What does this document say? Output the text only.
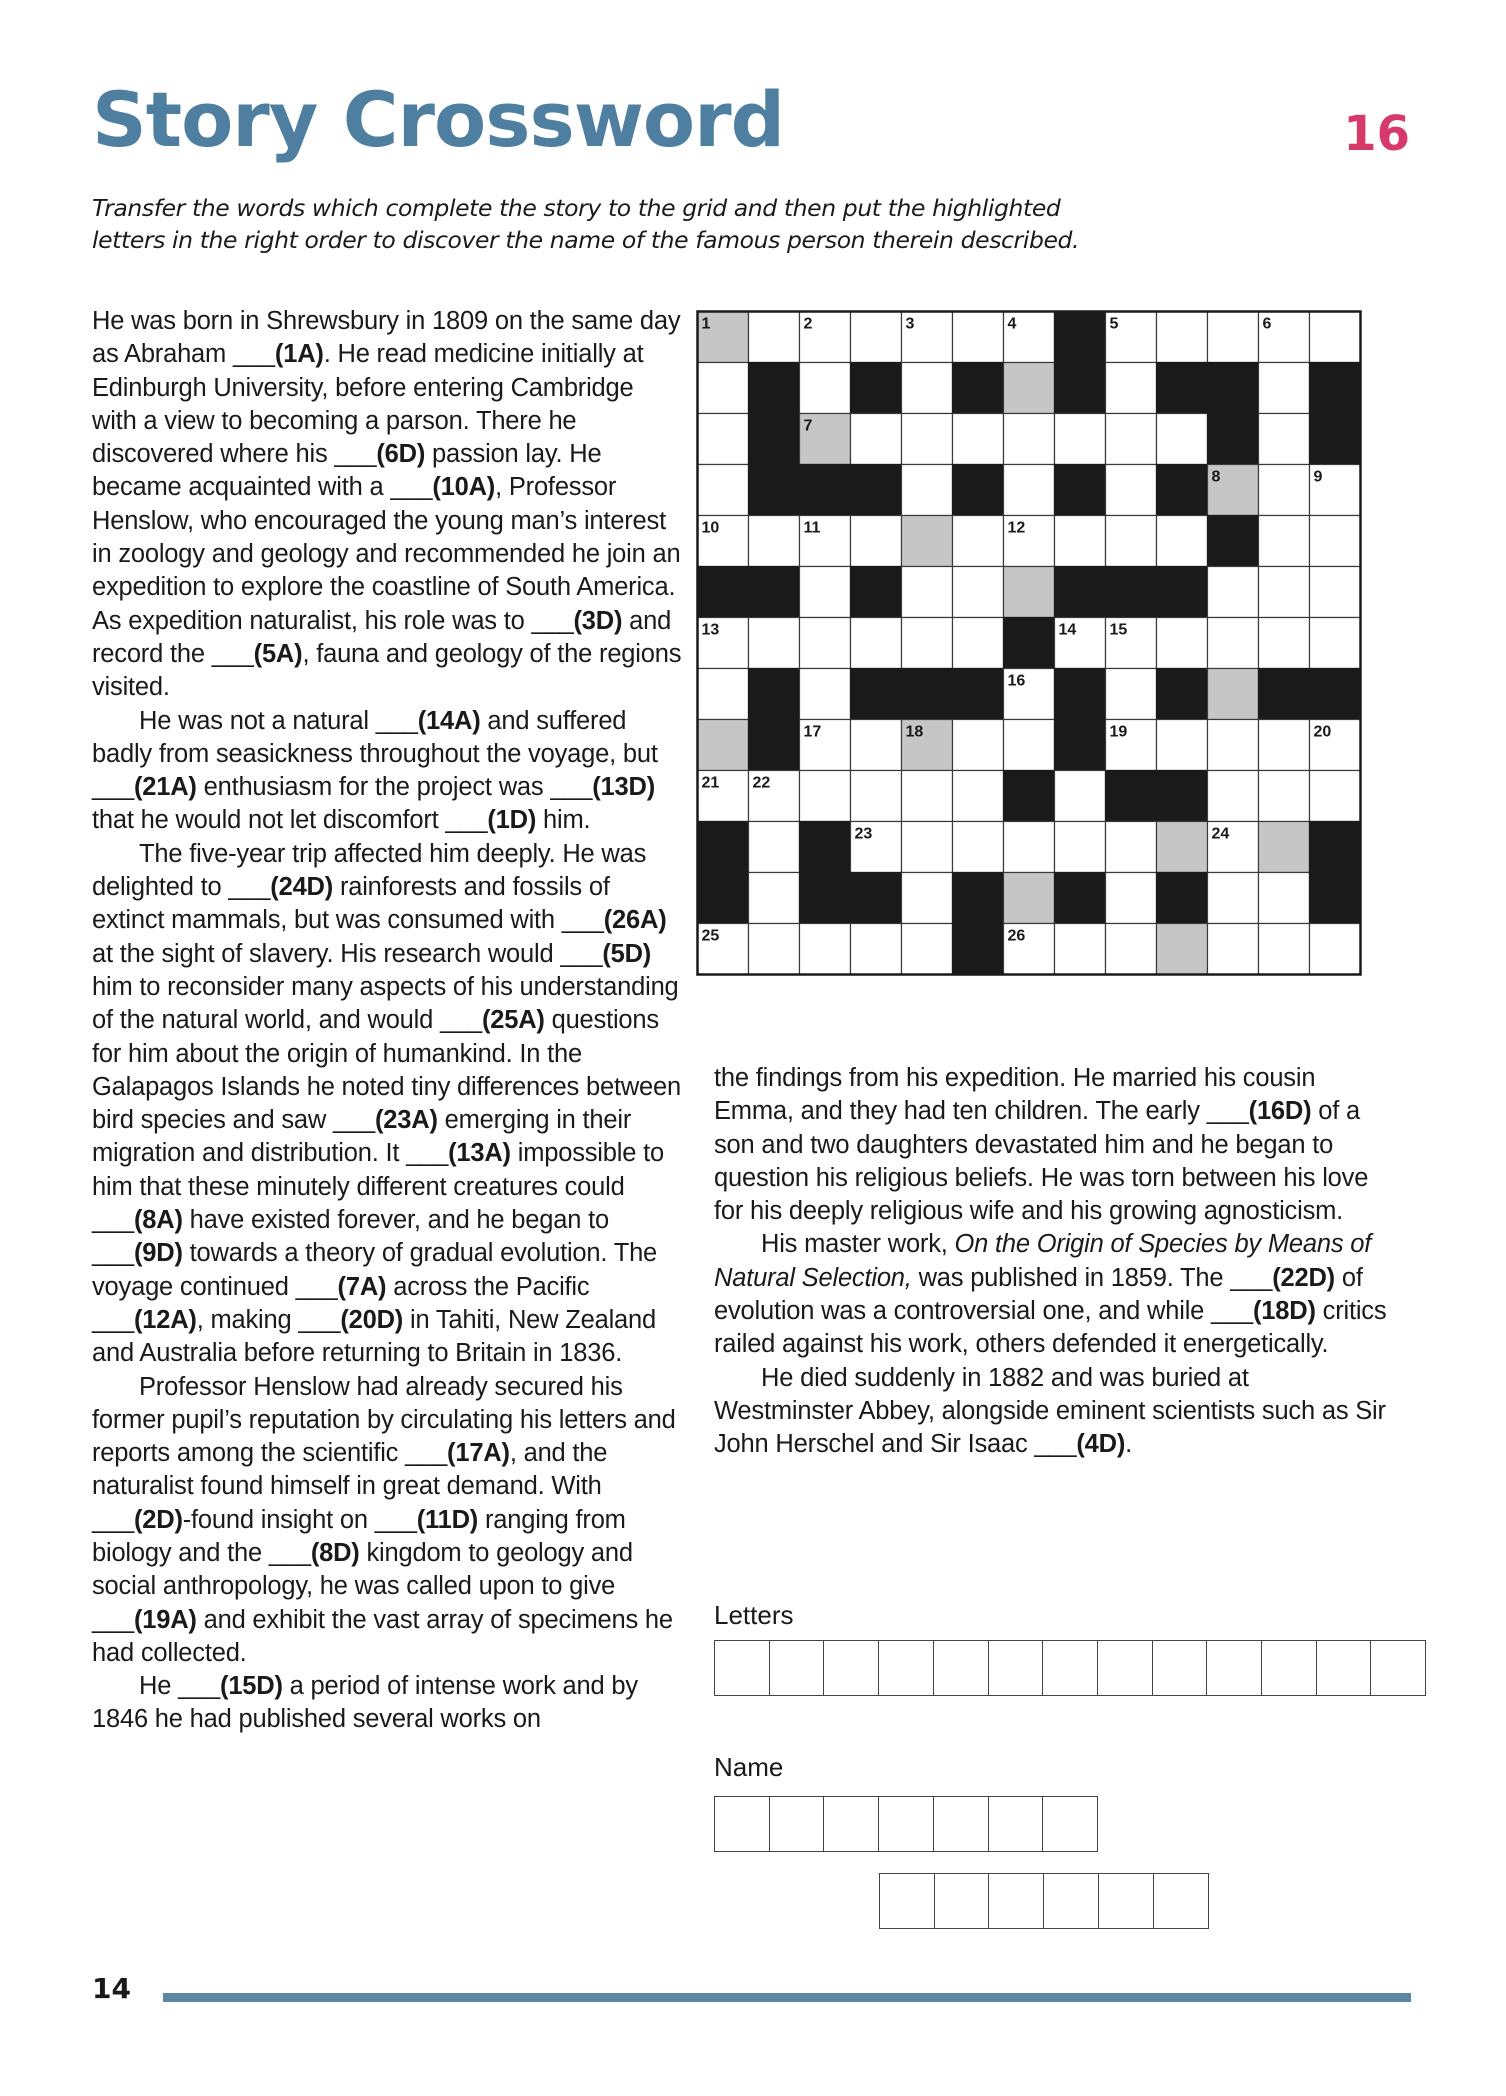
Story Crossword	16
Transfer the words which complete the story to the grid and then put the highlighted letters in the right order to discover the name of the famous person therein described.

He was born in Shrewsbury in 1809 on the same day as Abraham ___(1A). He read medicine initially at Edinburgh University, before entering Cambridge with a view to becoming a parson. There he discovered where his ___(6D) passion lay. He became acquainted with a ___(10A), Professor Henslow, who encouraged the young man’s interest in zoology and geology and recommended he join an expedition to explore the coastline of South America. As expedition naturalist, his role was to ___(3D) and record the ___(5A), fauna and geology of the regions visited.

He was not a natural ___(14A) and suffered badly from seasickness throughout the voyage, but ___(21A) enthusiasm for the project was ___(13D) that he would not let discomfort ___(1D) him.

The five-year trip affected him deeply. He was delighted to ___(24D) rainforests and fossils of extinct mammals, but was consumed with ___(26A) at the sight of slavery. His research would ___(5D) him to reconsider many aspects of his understanding of the natural world, and would ___(25A) questions for him about the origin of humankind. In the Galapagos Islands he noted tiny differences between bird species and saw ___(23A) emerging in their migration and distribution. It ___(13A) impossible to him that these minutely different creatures could ___(8A) have existed forever, and he began to ___(9D) towards a theory of gradual evolution. The voyage continued ___(7A) across the Pacific ___(12A), making ___(20D) in Tahiti, New Zealand and Australia before returning to Britain in 1836.

Professor Henslow had already secured his former pupil’s reputation by circulating his letters and reports among the scientific ___(17A), and the naturalist found himself in great demand. With ___(2D)-found insight on ___(11D) ranging from biology and the ___(8D) kingdom to geology and social anthropology, he was called upon to give ___(19A) and exhibit the vast array of specimens he had collected.

He ___(15D) a period of intense work and by 1846 he had published several works on

1	2	3	4	5	6
7
8	9
10	11	12
13	14 15
16
17	18	19	20
21 22
23	24
25	26

the findings from his expedition. He married his cousin Emma, and they had ten children. The early ___(16D) of a son and two daughters devastated him and he began to question his religious beliefs. He was torn between his love for his deeply religious wife and his growing agnosticism.

His master work, On the Origin of Species by Means of Natural Selection, was published in 1859. The ___(22D) of evolution was a controversial one, and while ___(18D) critics railed against his work, others defended it energetically.

He died suddenly in 1882 and was buried at Westminster Abbey, alongside eminent scientists such as Sir John Herschel and Sir Isaac ___(4D).

Letters
Name
14
